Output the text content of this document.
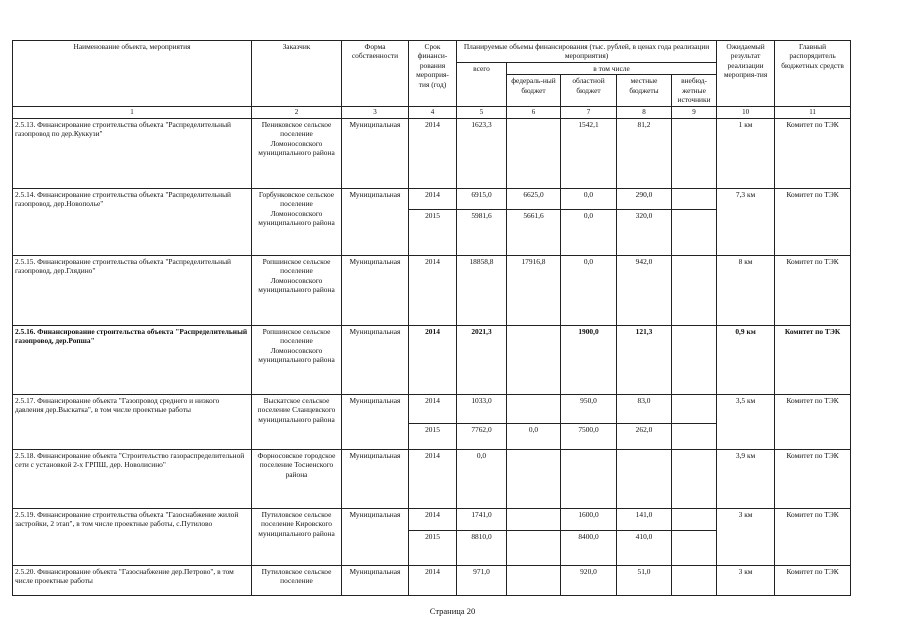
Наименование объекта, мероприятия	Заказчик	Форма собственности	Срок финанси-рования мероприя-тия (год)	Планируемые объемы финансирования (тыс. рублей, в ценах года реализации мероприятия)					Ожидаемый результат реализации мероприя-тия	Главный распорядитель бюджетных средств
				всего	в том числе					
					федераль-ный бюджет	областной бюджет	местные бюджеты	внебюд-жетные источники		
1	2	3	4	5	6	7	8	9	10	11
2.5.13. Финансирование строительства объекта "Распределительный газопровод по дер.Куккузи"	Пениковское сельское поселение Ломоносовского муниципального района	Муниципальная	2014	1623,3		1542,1	81,2		1 км	Комитет по ТЭК
2.5.14. Финансирование строительства объекта "Распределительный газопровод, дер.Новополье"	Горбунковское сельское поселение Ломоносовского муниципального района	Муниципальная	2014	6915,0	6625,0	0,0	290,0		7,3 км	Комитет по ТЭК
			2015	5981,6	5661,6	0,0	320,0			
2.5.15. Финансирование строительства объекта "Распределительный газопровод, дер.Глядино"	Ропшинское сельское поселение Ломоносовского муниципального района	Муниципальная	2014	18858,8	17916,8	0,0	942,0		8 км	Комитет по ТЭК
2.5.16. Финансирование строительства объекта "Распределительный газопровод, дер.Ропша"	Ропшинское сельское поселение Ломоносовского муниципального района	Муниципальная	2014	2021,3		1900,0	121,3		0,9 км	Комитет по ТЭК
2.5.17. Финансирование объекта "Газопровод среднего и низкого давления дер.Выскатка", в том числе проектные работы	Выскатское сельское поселение Сланцевского муниципального района	Муниципальная	2014	1033,0		950,0	83,0		3,5 км	Комитет по ТЭК
			2015	7762,0	0,0	7500,0	262,0			
2.5.18. Финансирование объекта "Строительство газораспределительной сети с установкой 2-х ГРПШ, дер. Новолисино"	Форносовское городское поселение Тосненского района	Муниципальная	2014	0,0					3,9 км	Комитет по ТЭК
2.5.19. Финансирование строительства объекта "Газоснабжение жилой застройки, 2 этап", в том числе проектные работы, с.Путилово	Путиловское сельское поселение Кировского муниципального района	Муниципальная	2014	1741,0		1600,0	141,0		3 км	Комитет по ТЭК
			2015	8810,0		8400,0	410,0			
2.5.20. Финансирование объекта "Газоснабжение дер.Петрово", в том числе проектные работы	Путиловское сельское поселение	Муниципальная	2014	971,0		920,0	51,0		3 км	Комитет по ТЭК
Страница 20
